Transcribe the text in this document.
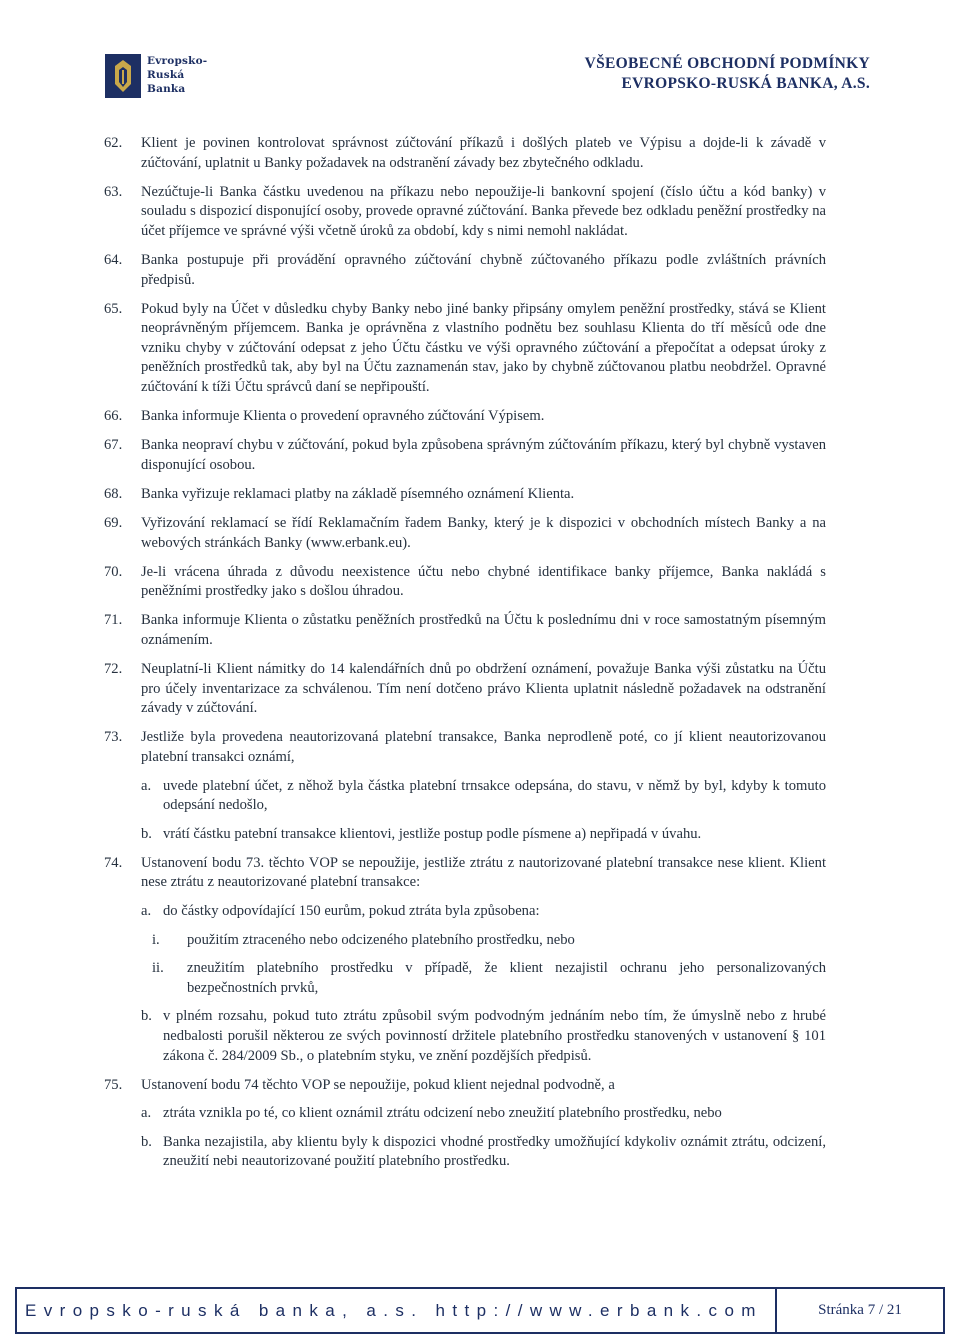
Evropsko-
Ruská
Banka
VŠEOBECNÉ OBCHODNÍ PODMÍNKY
EVROPSKO-RUSKÁ BANKA, A.S.
62. Klient je povinen kontrolovat správnost zúčtování příkazů i došlých plateb ve Výpisu a dojde-li k závadě v zúčtování, uplatnit u Banky požadavek na odstranění závady bez zbytečného odkladu.
63. Nezúčtuje-li Banka částku uvedenou na příkazu nebo nepoužije-li bankovní spojení (číslo účtu a kód banky) v souladu s dispozicí disponující osoby, provede opravné zúčtování. Banka převede bez odkladu peněžní prostředky na účet příjemce ve správné výši včetně úroků za období, kdy s nimi nemohl nakládat.
64. Banka postupuje při provádění opravného zúčtování chybně zúčtovaného příkazu podle zvláštních právních předpisů.
65. Pokud byly na Účet v důsledku chyby Banky nebo jiné banky připsány omylem peněžní prostředky, stává se Klient neoprávněným příjemcem. Banka je oprávněna z vlastního podnětu bez souhlasu Klienta do tří měsíců ode dne vzniku chyby v zúčtování odepsat z jeho Účtu částku ve výši opravného zúčtování a přepočítat a odepsat úroky z peněžních prostředků tak, aby byl na Účtu zaznamenán stav, jako by chybně zúčtovanou platbu neobdržel. Opravné zúčtování k tíži Účtu správců daní se nepřipouští.
66. Banka informuje Klienta o provedení opravného zúčtování Výpisem.
67. Banka neopraví chybu v zúčtování, pokud byla způsobena správným zúčtováním příkazu, který byl chybně vystaven disponující osobou.
68. Banka vyřizuje reklamaci platby na základě písemného oznámení Klienta.
69. Vyřizování reklamací se řídí Reklamačním řadem Banky, který je k dispozici v obchodních místech Banky a na webových stránkách Banky (www.erbank.eu).
70. Je-li vrácena úhrada z důvodu neexistence účtu nebo chybné identifikace banky příjemce, Banka nakládá s peněžními prostředky jako s došlou úhradou.
71. Banka informuje Klienta o zůstatku peněžních prostředků na Účtu k poslednímu dni v roce samostatným písemným oznámením.
72. Neuplatní-li Klient námitky do 14 kalendářních dnů po obdržení oznámení, považuje Banka výši zůstatku na Účtu pro účely inventarizace za schválenou. Tím není dotčeno právo Klienta uplatnit následně požadavek na odstranění závady v zúčtování.
73. Jestliže byla provedena neautorizovaná platební transakce, Banka neprodleně poté, co jí klient neautorizovanou platební transakci oznámí,
a. uvede platební účet, z něhož byla částka platební trnsakce odepsána, do stavu, v němž by byl, kdyby k tomuto odepsání nedošlo,
b. vrátí částku patební transakce klientovi, jestliže postup podle písmene a) nepřipadá v úvahu.
74. Ustanovení bodu 73. těchto VOP se nepoužije, jestliže ztrátu z nautorizované platební transakce nese klient. Klient nese ztrátu z neautorizované platební transakce:
a. do částky odpovídající 150 eurům, pokud ztráta byla způsobena:
i. použitím ztraceného nebo odcizeného platebního prostředku, nebo
ii. zneužitím platebního prostředku v případě, že klient nezajistil ochranu jeho personalizovaných bezpečnostních prvků,
b. v plném rozsahu, pokud tuto ztrátu způsobil svým podvodným jednáním nebo tím, že úmyslně nebo z hrubé nedbalosti porušil některou ze svých povinností držitele platebního prostředku stanovených v ustanovení § 101 zákona č. 284/2009 Sb., o platebním styku, ve znění pozdějších předpisů.
75. Ustanovení bodu 74 těchto VOP se nepoužije, pokud klient nejednal podvodně, a
a. ztráta vznikla po té, co klient oznámil ztrátu odcizení nebo zneužití platebního prostředku, nebo
b. Banka nezajistila, aby klientu byly k dispozici vhodné prostředky umožňující kdykoliv oznámit ztrátu, odcizení, zneužití nebi neautorizované použití platebního prostředku.
Evropsko-ruská banka, a.s. http://www.erbank.com	Stránka 7 / 21
